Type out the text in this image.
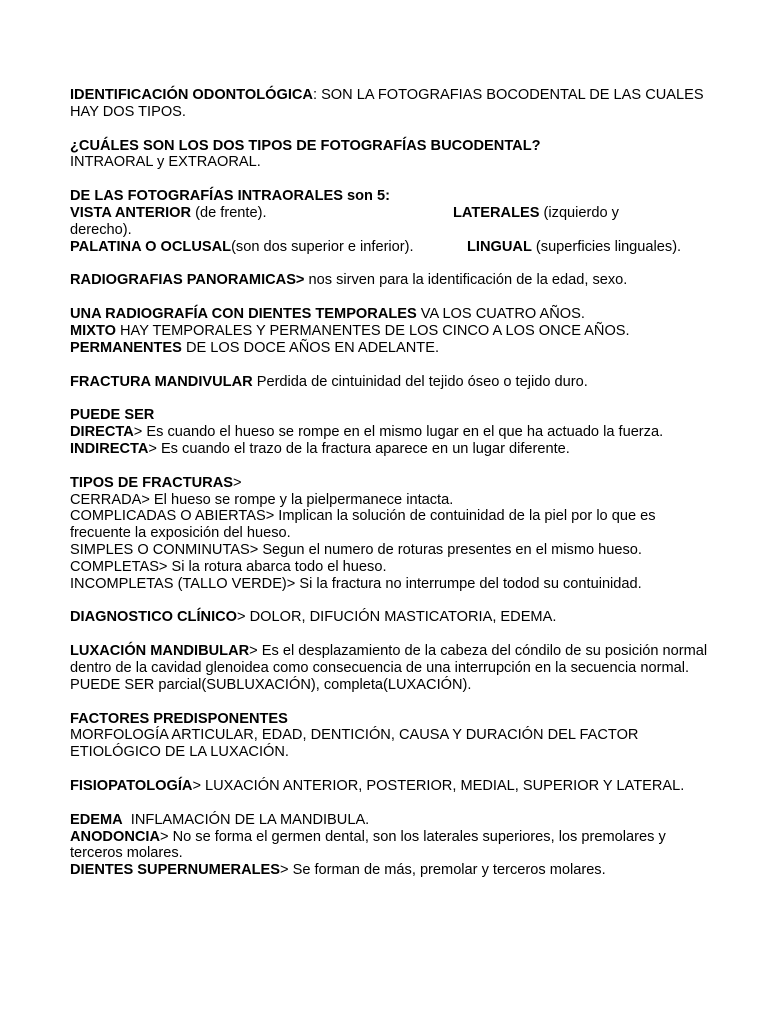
IDENTIFICACIÓN ODONTOLÓGICA: SON LA FOTOGRAFIAS BOCODENTAL DE LAS CUALES HAY DOS TIPOS.

¿CUÁLES SON LOS DOS TIPOS DE FOTOGRAFÍAS BUCODENTAL?

INTRAORAL y EXTRAORAL.

DE LAS FOTOGRAFÍAS INTRAORALES son 5:

VISTA ANTERIOR (de frente).	LATERALES (izquierdo y

derecho).

PALATINA O OCLUSAL(son dos superior e inferior).	LINGUAL (superficies linguales).

RADIOGRAFIAS PANORAMICAS> nos sirven para la identificación de la edad, sexo.

UNA RADIOGRAFÍA CON DIENTES TEMPORALES VA LOS CUATRO AÑOS.

MIXTO HAY TEMPORALES Y PERMANENTES DE LOS CINCO A LOS ONCE AÑOS.

PERMANENTES DE LOS DOCE AÑOS EN ADELANTE.

FRACTURA MANDIVULAR Perdida de cintuinidad del tejido óseo o tejido duro.

PUEDE SER

DIRECTA> Es cuando el hueso se rompe en el mismo lugar en el que ha actuado la fuerza.

INDIRECTA> Es cuando el trazo de la fractura aparece en un lugar diferente.

TIPOS DE FRACTURAS>

CERRADA> El hueso se rompe y la pielpermanece intacta.

COMPLICADAS O ABIERTAS> Implican la solución de contuinidad de la piel por lo que es frecuente la exposición del hueso.

SIMPLES O CONMINUTAS> Segun el numero de roturas presentes en el mismo hueso.

COMPLETAS> Si la rotura abarca todo el hueso.

INCOMPLETAS (TALLO VERDE)> Si la fractura no interrumpe del todod su contuinidad.

DIAGNOSTICO CLÍNICO> DOLOR, DIFUCIÓN MASTICATORIA, EDEMA.

LUXACIÓN MANDIBULAR> Es el desplazamiento de la cabeza del cóndilo de su posición normal dentro de la cavidad glenoidea como consecuencia de una interrupción en la secuencia normal.

PUEDE SER parcial(SUBLUXACIÓN), completa(LUXACIÓN).

FACTORES PREDISPONENTES

MORFOLOGÍA ARTICULAR, EDAD, DENTICIÓN, CAUSA Y DURACIÓN DEL FACTOR ETIOLÓGICO DE LA LUXACIÓN.

FISIOPATOLOGÍA> LUXACIÓN ANTERIOR, POSTERIOR, MEDIAL, SUPERIOR Y LATERAL.

EDEMA  INFLAMACIÓN DE LA MANDIBULA.

ANODONCIA> No se forma el germen dental, son los laterales superiores, los premolares y terceros molares.

DIENTES SUPERNUMERALES> Se forman de más, premolar y terceros molares.
